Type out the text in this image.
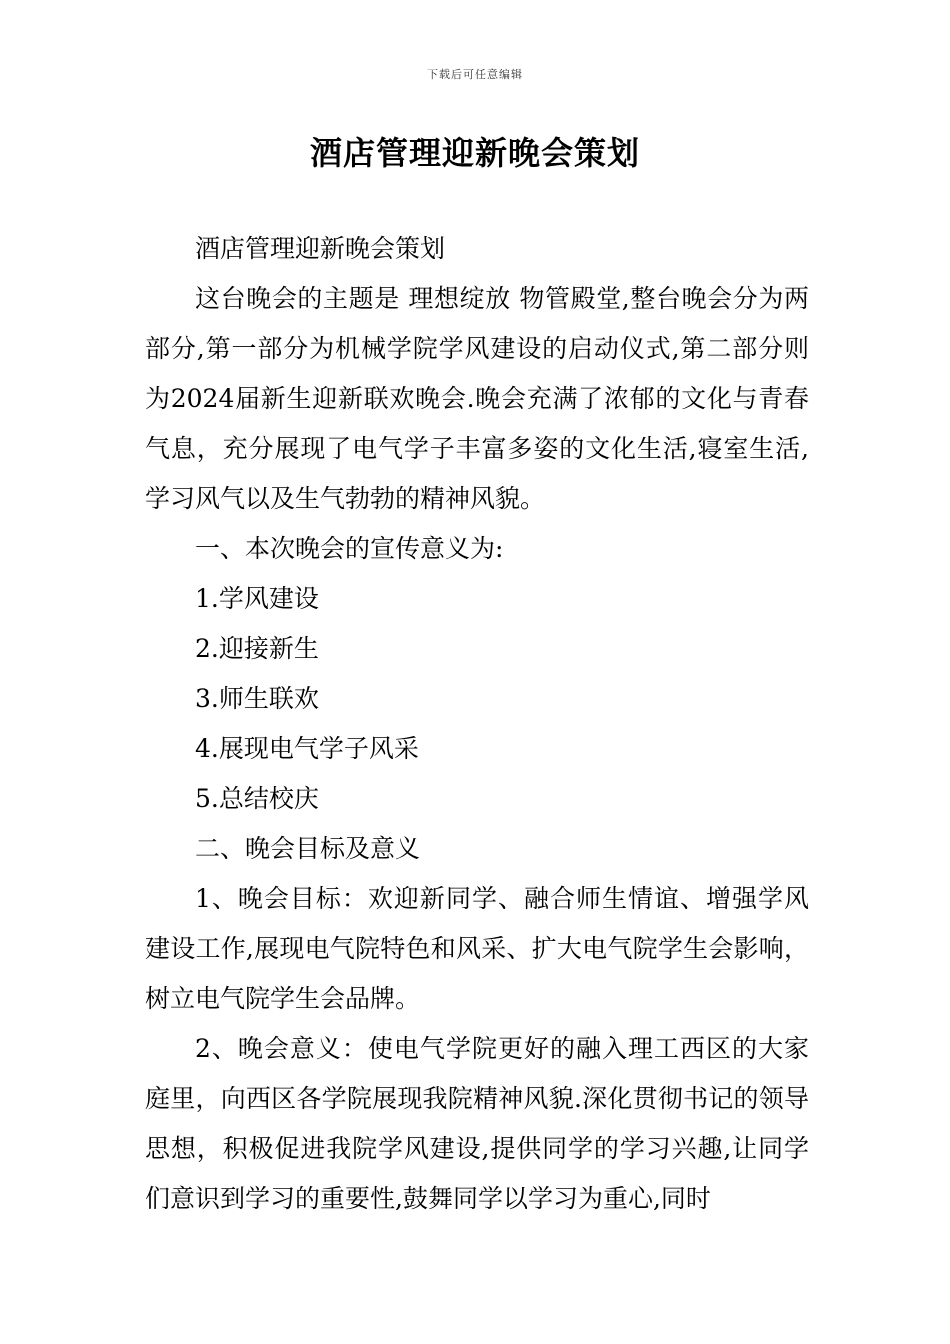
下载后可任意编辑
酒店管理迎新晚会策划

酒店管理迎新晚会策划

这台晚会的主题是 理想绽放 物管殿堂,整台晚会分为两部分,第一部分为机械学院学风建设的启动仪式,第二部分则为2024届新生迎新联欢晚会.晚会充满了浓郁的文化与青春气息，充分展现了电气学子丰富多姿的文化生活,寝室生活,学习风气以及生气勃勃的精神风貌。

一、本次晚会的宣传意义为:

1.学风建设

2.迎接新生

3.师生联欢

4.展现电气学子风采

5.总结校庆

二、晚会目标及意义

1、晚会目标：欢迎新同学、融合师生情谊、增强学风建设工作,展现电气院特色和风采、扩大电气院学生会影响，树立电气院学生会品牌。

2、晚会意义：使电气学院更好的融入理工西区的大家庭里，向西区各学院展现我院精神风貌.深化贯彻书记的领导思想，积极促进我院学风建设,提供同学的学习兴趣,让同学们意识到学习的重要性,鼓舞同学以学习为重心,同时
